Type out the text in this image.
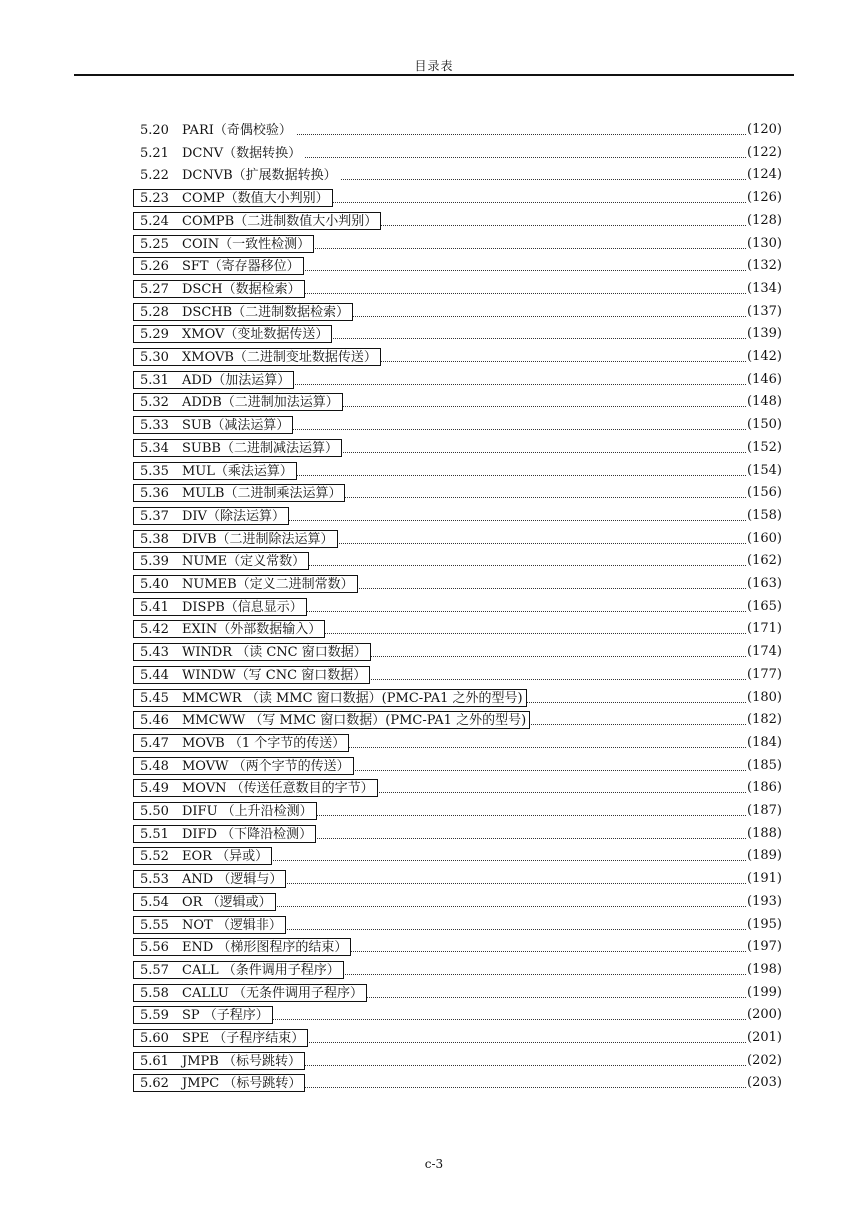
目录表
5.20 PARI（奇偶校验）	(120)
5.21 DCNV（数据转换）	(122)
5.22 DCNVB（扩展数据转换）	(124)
5.23 COMP（数值大小判别）	(126)
5.24 COMPB（二进制数值大小判别）	(128)
5.25 COIN（一致性检测）	(130)
5.26 SFT（寄存器移位）	(132)
5.27 DSCH（数据检索）	(134)
5.28 DSCHB（二进制数据检索）	(137)
5.29 XMOV（变址数据传送）	(139)
5.30 XMOVB（二进制变址数据传送）	(142)
5.31 ADD（加法运算）	(146)
5.32 ADDB（二进制加法运算）	(148)
5.33 SUB（减法运算）	(150)
5.34 SUBB（二进制减法运算）	(152)
5.35 MUL（乘法运算）	(154)
5.36 MULB（二进制乘法运算）	(156)
5.37 DIV（除法运算）	(158)
5.38 DIVB（二进制除法运算）	(160)
5.39 NUME（定义常数）	(162)
5.40 NUMEB（定义二进制常数）	(163)
5.41 DISPB（信息显示）	(165)
5.42 EXIN（外部数据输入）	(171)
5.43 WINDR （读 CNC 窗口数据）	(174)
5.44 WINDW（写 CNC 窗口数据）	(177)
5.45 MMCWR （读 MMC 窗口数据）(PMC-PA1 之外的型号)	(180)
5.46 MMCWW （写 MMC 窗口数据）(PMC-PA1 之外的型号)	(182)
5.47 MOVB （1 个字节的传送）	(184)
5.48 MOVW （两个字节的传送）	(185)
5.49 MOVN （传送任意数目的字节）	(186)
5.50 DIFU （上升沿检测）	(187)
5.51 DIFD （下降沿检测）	(188)
5.52 EOR （异或）	(189)
5.53 AND （逻辑与）	(191)
5.54 OR （逻辑或）	(193)
5.55 NOT （逻辑非）	(195)
5.56 END （梯形图程序的结束）	(197)
5.57 CALL （条件调用子程序）	(198)
5.58 CALLU （无条件调用子程序）	(199)
5.59 SP （子程序）	(200)
5.60 SPE （子程序结束）	(201)
5.61 JMPB （标号跳转）	(202)
5.62 JMPC （标号跳转）	(203)
c-3
